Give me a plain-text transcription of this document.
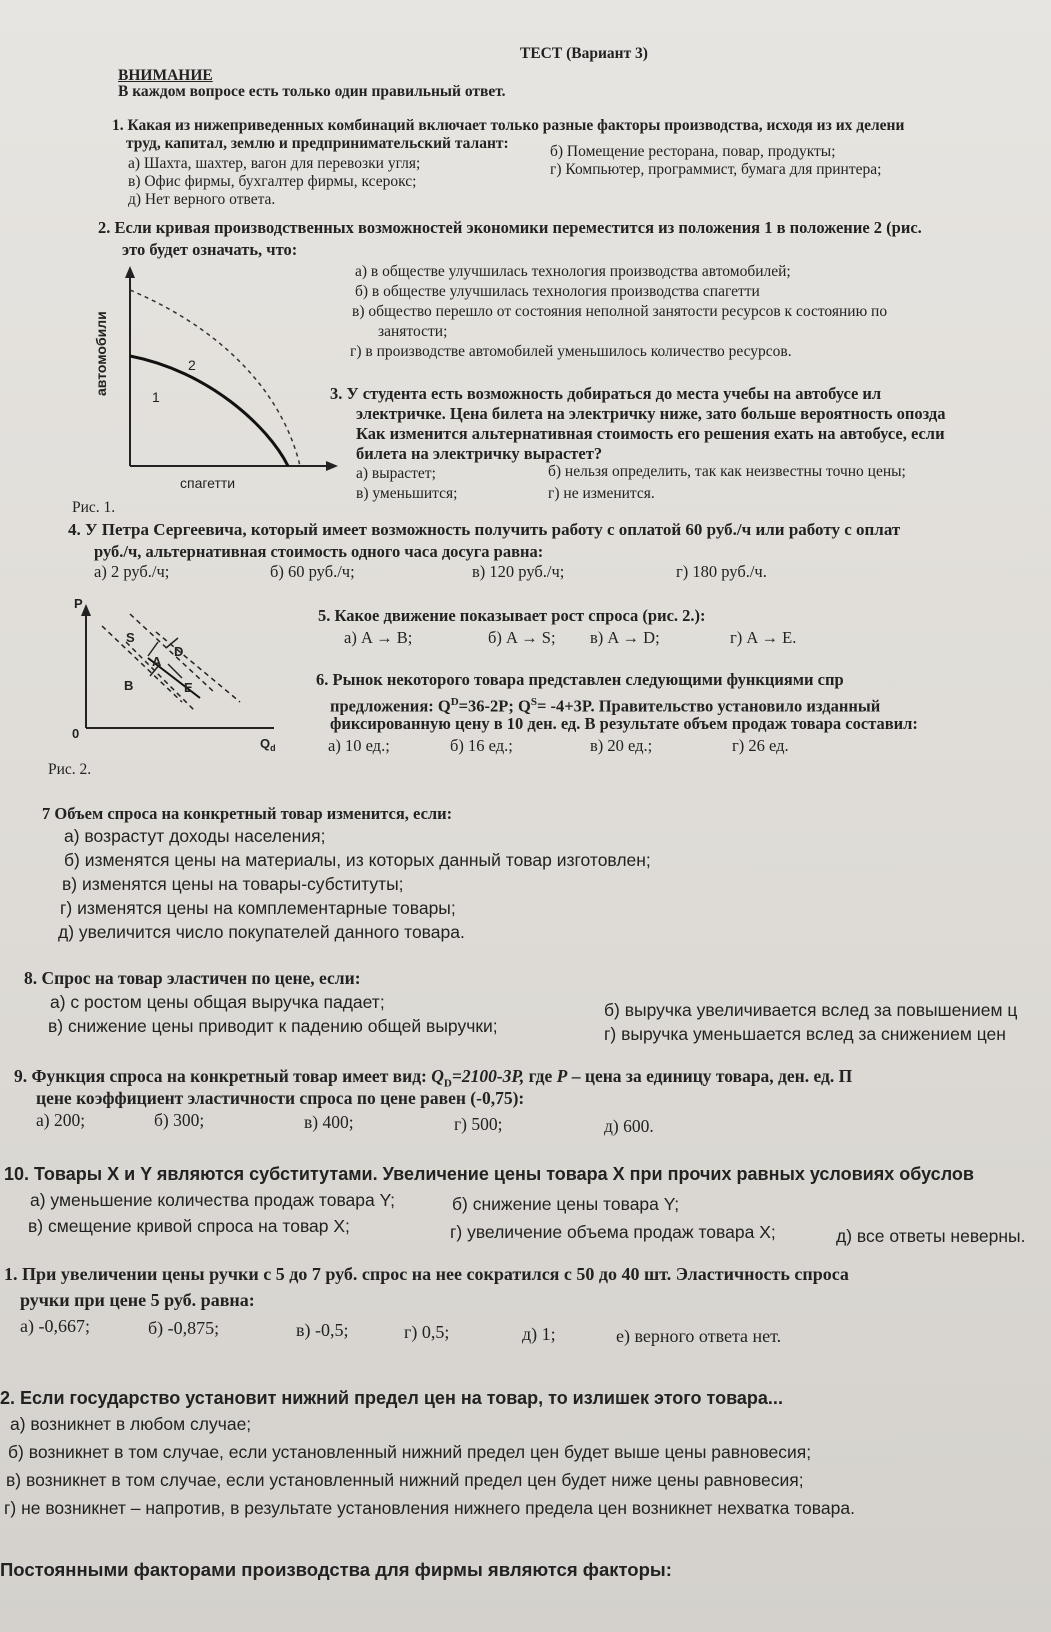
ТЕСТ (Вариант 3)
ВНИМАНИЕ
В каждом вопросе есть только один правильный ответ.
1. Какая из нижеприведенных комбинаций включает только разные факторы производства, исходя из их делени
труд, капитал, землю и предпринимательский талант:
а) Шахта, шахтер, вагон для перевозки угля;
б) Помещение ресторана, повар, продукты;
в) Офис фирмы, бухгалтер фирмы, ксерокс;
г) Компьютер, программист, бумага для принтера;
д) Нет верного ответа.
2. Если кривая производственных возможностей экономики переместится из положения 1 в положение 2 (рис.
это будет означать, что:
а) в обществе улучшилась технология производства автомобилей;
б) в обществе улучшилась технология производства спагетти
в) общество перешло от состояния неполной занятости ресурсов к состоянию по
занятости;
г) в производстве автомобилей уменьшилось количество ресурсов.
автомобили
спагетти
1
2
Рис. 1.
3. У студента есть возможность добираться до места учебы на автобусе ил
электричке. Цена билета на электричку ниже, зато больше вероятность опозда
Как изменится альтернативная стоимость его решения ехать на автобусе, если
билета на электричку вырастет?
а) вырастет;	б) нельзя определить, так как неизвестны точно цены;
в) уменьшится;	г) не изменится.
4. У Петра Сергеевича, который имеет возможность получить работу с оплатой 60 руб./ч или работу с оплат
руб./ч, альтернативная стоимость одного часа досуга равна:
а) 2 руб./ч;	б) 60 руб./ч;	в) 120 руб./ч;	г) 180 руб./ч.
P
0
$Q_d$
S
A
D
B	E
Рис. 2.
5. Какое движение показывает рост спроса (рис. 2.):
а) A → B;	б) A → S; в) A → D;	г) A → E.
6. Рынок некоторого товара представлен следующими функциями спр
предложения: $Q^D=36-2P$; $Q^S= -4+3P$. Правительство установило изданный
фиксированную цену в 10 ден. ед. В результате объем продаж товара составил:
а) 10 ед.;	б) 16 ед.;	в) 20 ед.;	г) 26 ед.
7 Объем спроса на конкретный товар изменится, если:
а) возрастут доходы населения;
б) изменятся цены на материалы, из которых данный товар изготовлен;
в) изменятся цены на товары-субституты;
г) изменятся цены на комплементарные товары;
д) увеличится число покупателей данного товара.
8. Спрос на товар эластичен по цене, если:
а) с ростом цены общая выручка падает;	б) выручка увеличивается вслед за повышением ц
в) снижение цены приводит к падению общей выручки;	г) выручка уменьшается вслед за снижением цен
9. Функция спроса на конкретный товар имеет вид: $Q_D=2100-3P$, где P – цена за единицу товара, ден. ед. П
цене коэффициент эластичности спроса по цене равен (-0,75):
а) 200;	б) 300;	в) 400;	г) 500;	д) 600.
10. Товары X и Y являются субститутами. Увеличение цены товара X при прочих равных условиях обуслов
а) уменьшение количества продаж товара Y;	б) снижение цены товара Y;
в) смещение кривой спроса на товар X;	г) увеличение объема продаж товара X;	д) все ответы неверны.
1. При увеличении цены ручки с 5 до 7 руб. спрос на нее сократился с 50 до 40 шт. Эластичность спроса
ручки при цене 5 руб. равна:
а) -0,667;	б) -0,875;	в) -0,5;	г) 0,5;	д) 1;	е) верного ответа нет.
2. Если государство установит нижний предел цен на товар, то излишек этого товара...
а) возникнет в любом случае;
б) возникнет в том случае, если установленный нижний предел цен будет выше цены равновесия;
в) возникнет в том случае, если установленный нижний предел цен будет ниже цены равновесия;
г) не возникнет – напротив, в результате установления нижнего предела цен возникнет нехватка товара.
Постоянными факторами производства для фирмы являются факторы:
